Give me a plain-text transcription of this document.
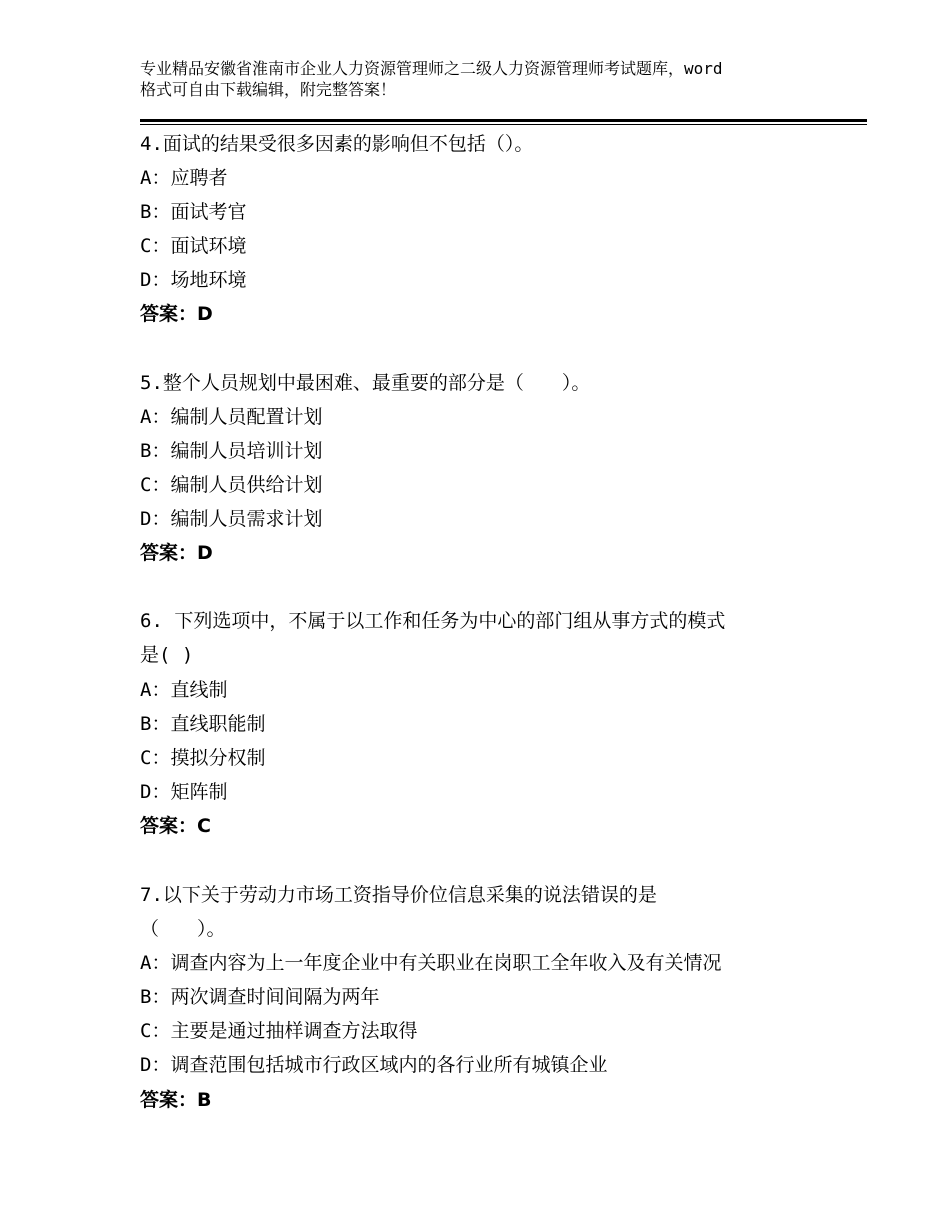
专业精品安徽省淮南市企业人力资源管理师之二级人力资源管理师考试题库，word
格式可自由下载编辑，附完整答案！
4.面试的结果受很多因素的影响但不包括（）。
A：应聘者
B：面试考官
C：面试环境
D：场地环境
答案：D
5.整个人员规划中最困难、最重要的部分是（　　）。
A：编制人员配置计划
B：编制人员培训计划
C：编制人员供给计划
D：编制人员需求计划
答案：D
6. 下列选项中，不属于以工作和任务为中心的部门组从事方式的模式
是( )
A：直线制
B：直线职能制
C：摸拟分权制
D：矩阵制
答案：C
7.以下关于劳动力市场工资指导价位信息采集的说法错误的是
（　　）。
A：调查内容为上一年度企业中有关职业在岗职工全年收入及有关情况
B：两次调查时间间隔为两年
C：主要是通过抽样调查方法取得
D：调查范围包括城市行政区域内的各行业所有城镇企业
答案：B
